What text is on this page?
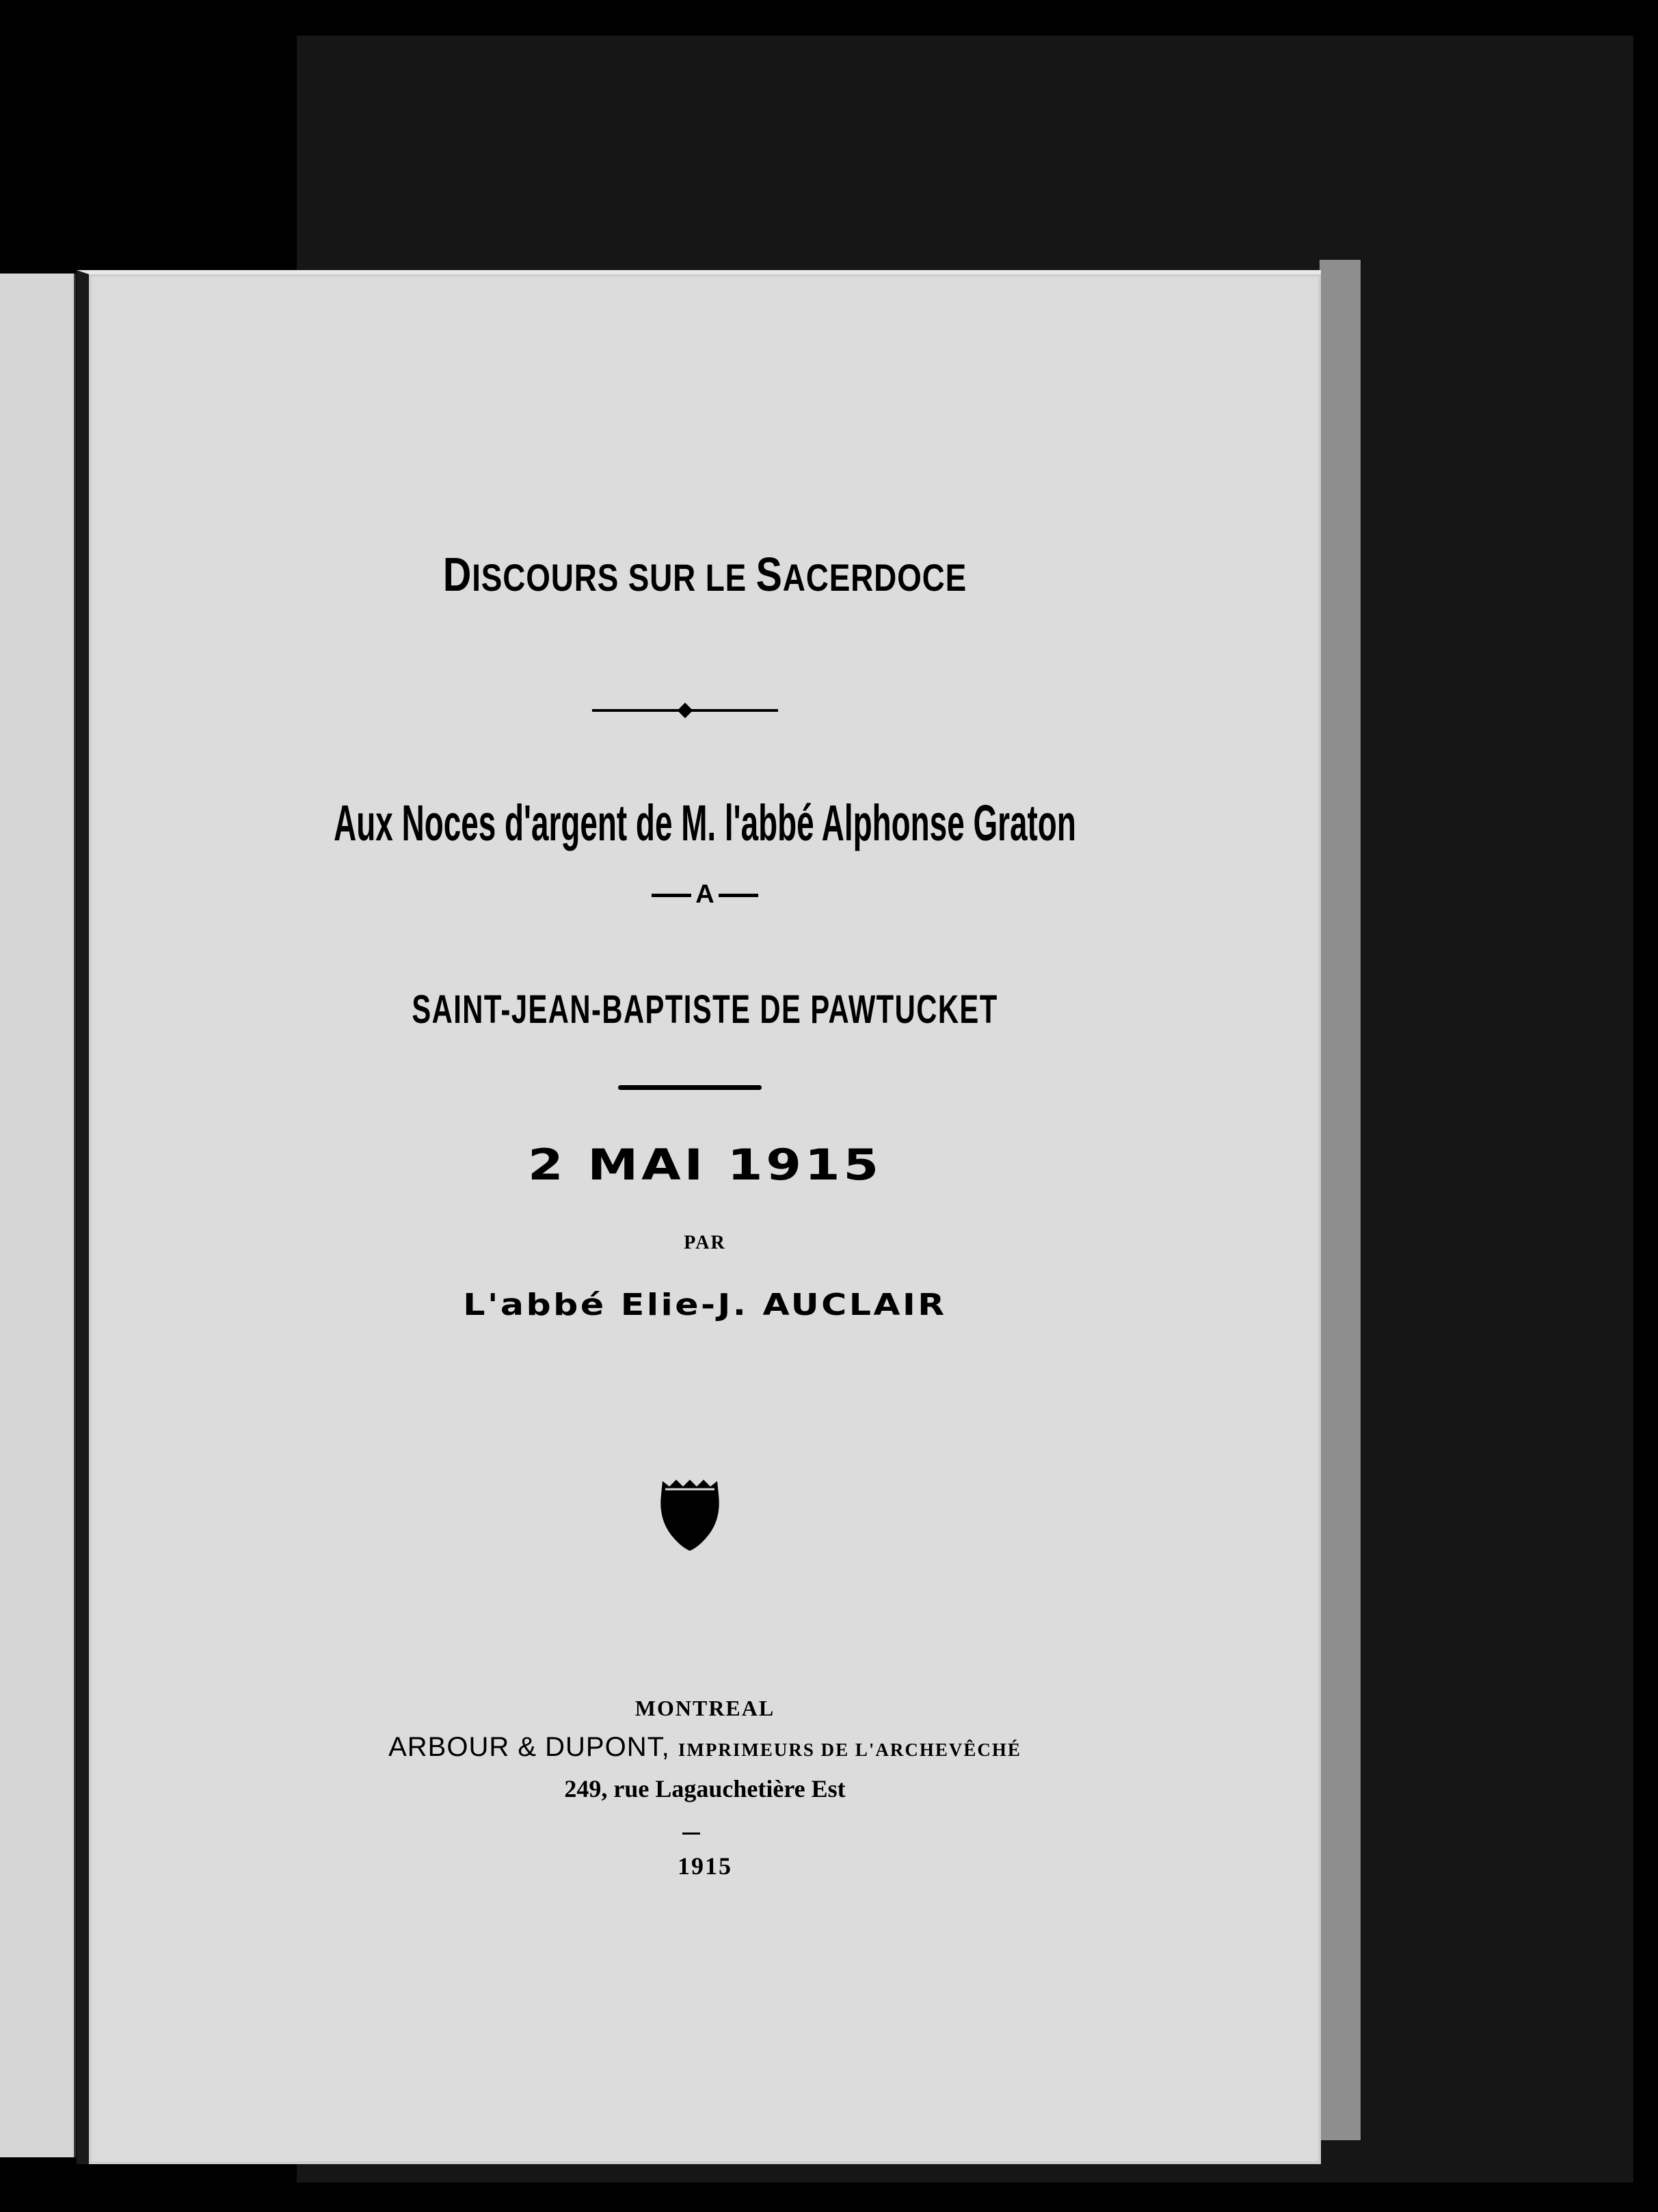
DISCOURS SUR LE SACERDOCE
Aux Noces d'argent de M. l'abbé Alphonse Graton
A
SAINT-JEAN-BAPTISTE DE PAWTUCKET
2 MAI 1915
PAR
L'abbé Elie-J. AUCLAIR
MONTREAL
ARBOUR & DUPONT, IMPRIMEURS DE L'ARCHEVÊCHÉ
249, rue Lagauchetière Est
1915
